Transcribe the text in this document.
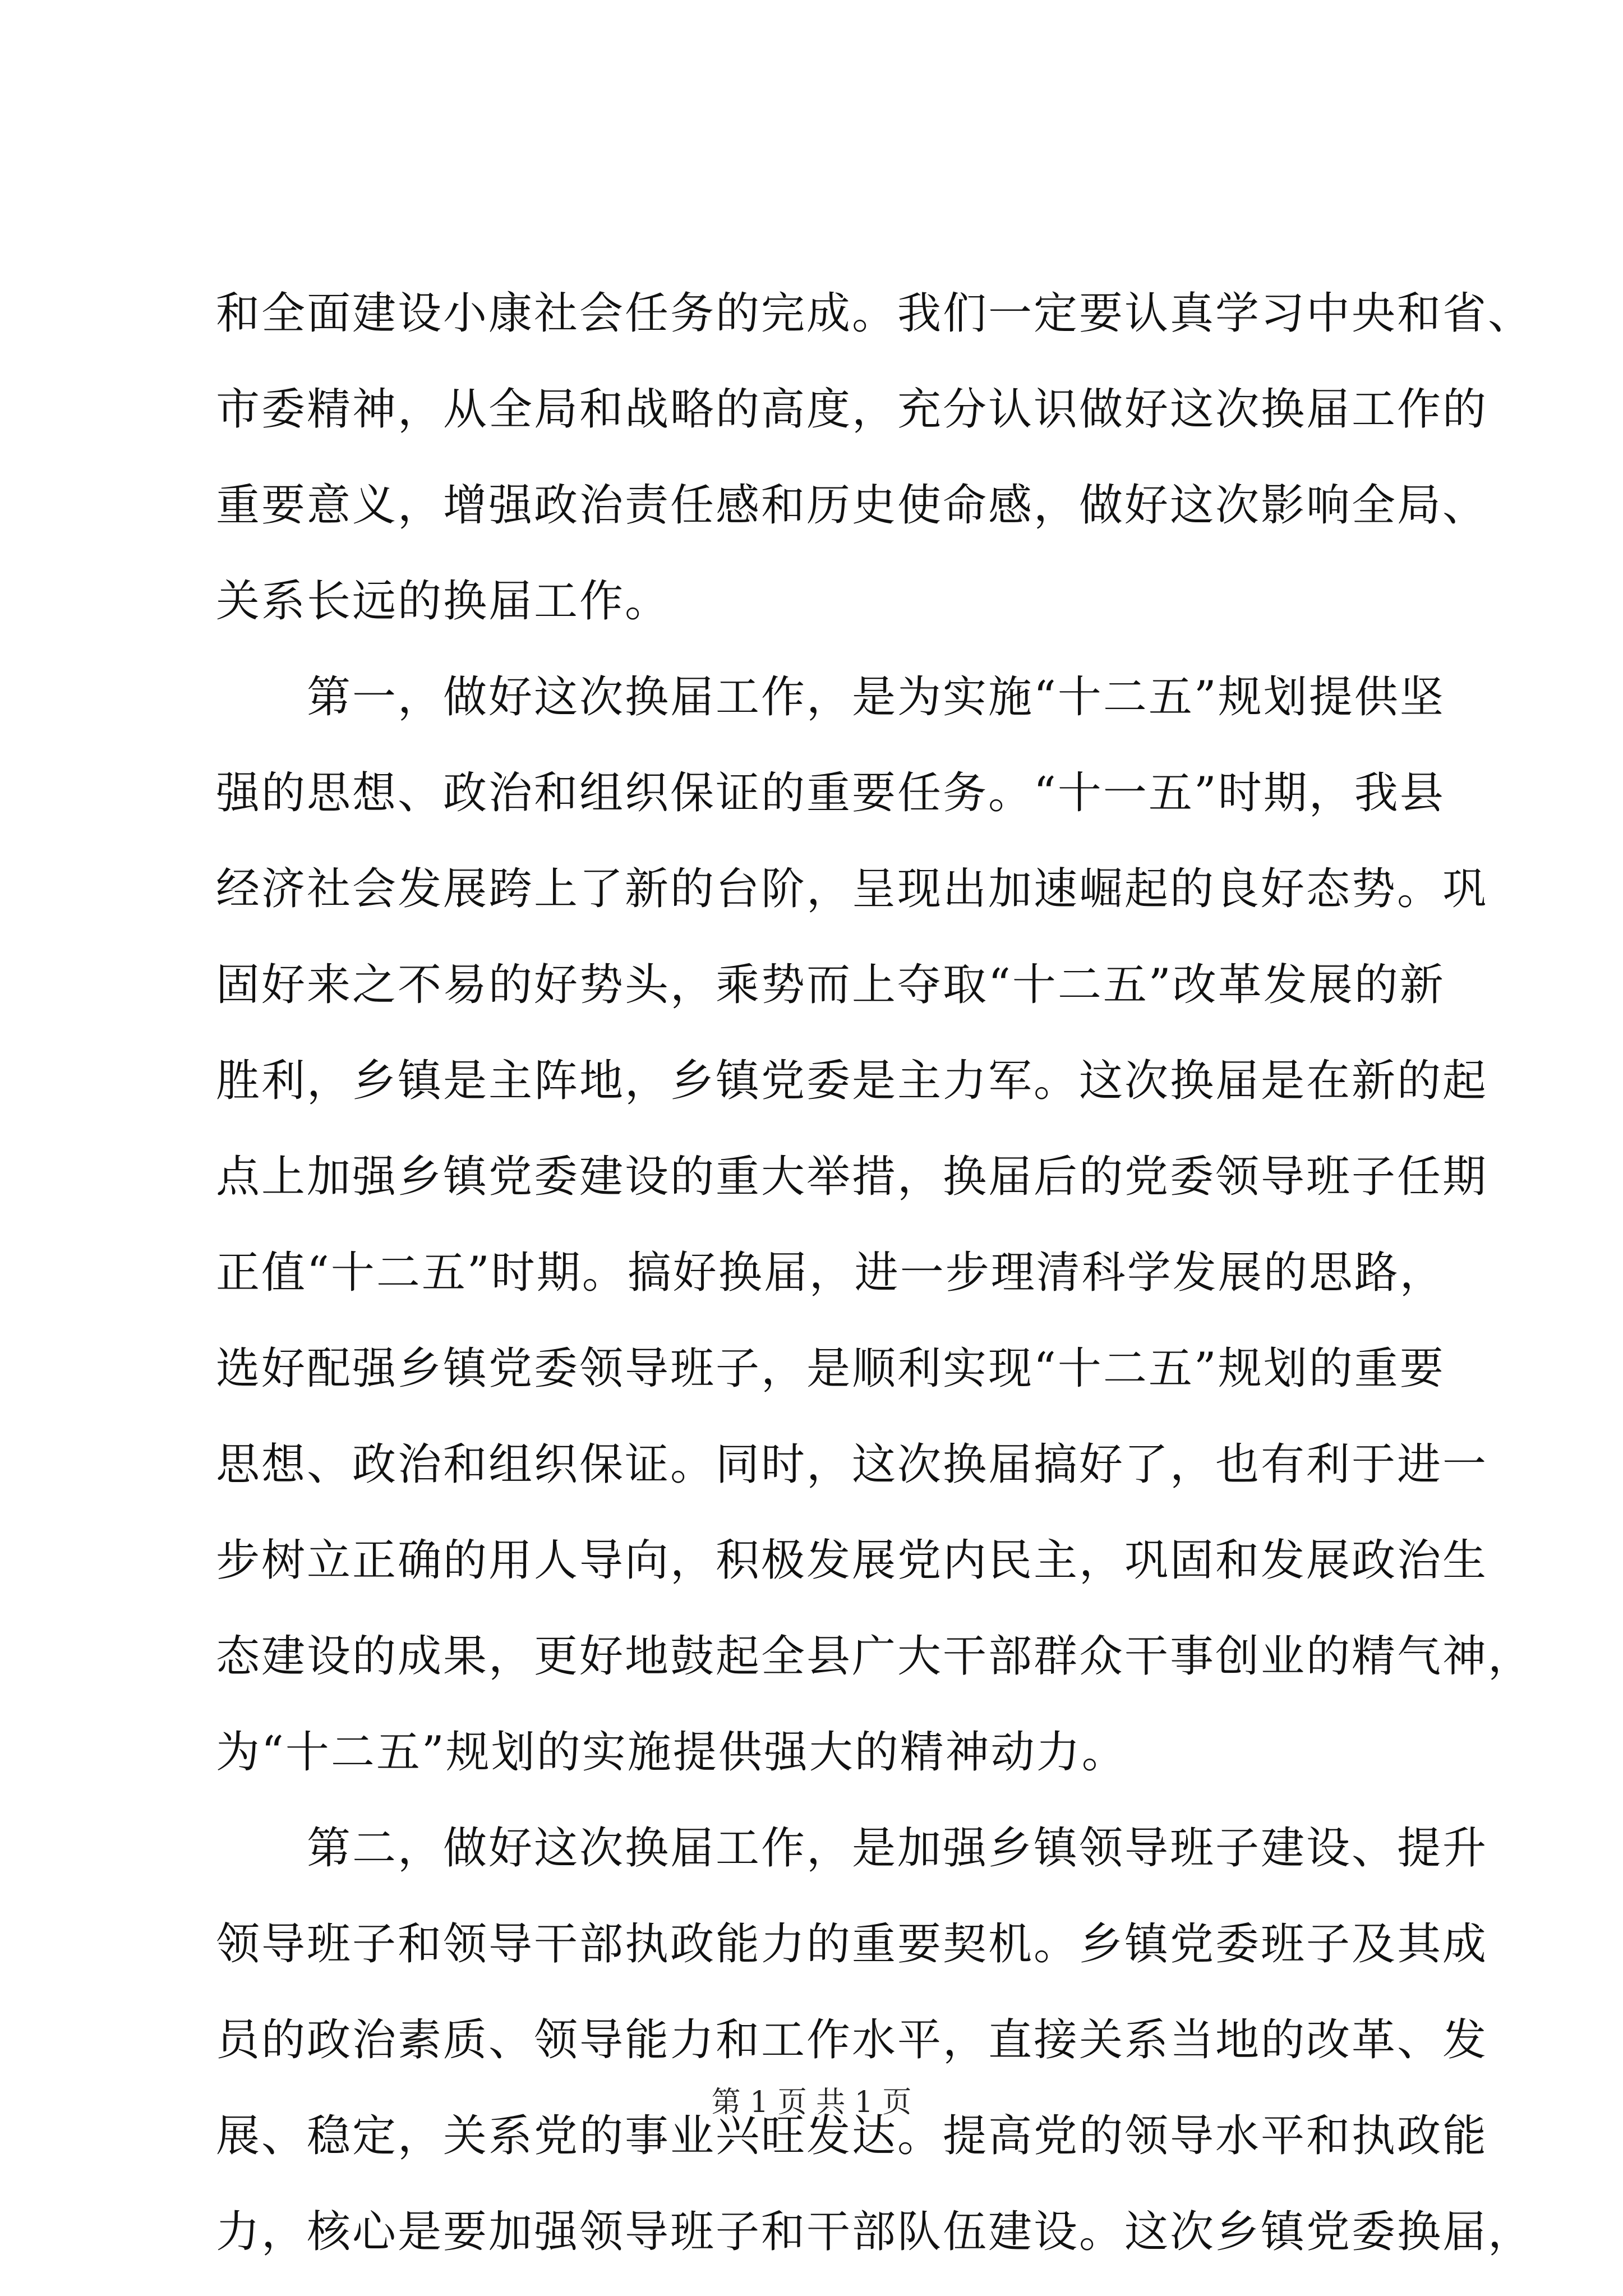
和全面建设小康社会任务的完成。我们一定要认真学习中央和省、
市委精神，从全局和战略的高度，充分认识做好这次换届工作的
重要意义，增强政治责任感和历史使命感，做好这次影响全局、
关系长远的换届工作。
　　第一，做好这次换届工作，是为实施“十二五”规划提供坚
强的思想、政治和组织保证的重要任务。“十一五”时期，我县
经济社会发展跨上了新的台阶，呈现出加速崛起的良好态势。巩
固好来之不易的好势头，乘势而上夺取“十二五”改革发展的新
胜利，乡镇是主阵地，乡镇党委是主力军。这次换届是在新的起
点上加强乡镇党委建设的重大举措，换届后的党委领导班子任期
正值“十二五”时期。搞好换届，进一步理清科学发展的思路，
选好配强乡镇党委领导班子，是顺利实现“十二五”规划的重要
思想、政治和组织保证。同时，这次换届搞好了，也有利于进一
步树立正确的用人导向，积极发展党内民主，巩固和发展政治生
态建设的成果，更好地鼓起全县广大干部群众干事创业的精气神，
为“十二五”规划的实施提供强大的精神动力。
　　第二，做好这次换届工作，是加强乡镇领导班子建设、提升
领导班子和领导干部执政能力的重要契机。乡镇党委班子及其成
员的政治素质、领导能力和工作水平，直接关系当地的改革、发
展、稳定，关系党的事业兴旺发达。提高党的领导水平和执政能
力，核心是要加强领导班子和干部队伍建设。这次乡镇党委换届，
第 1 页 共 1 页
